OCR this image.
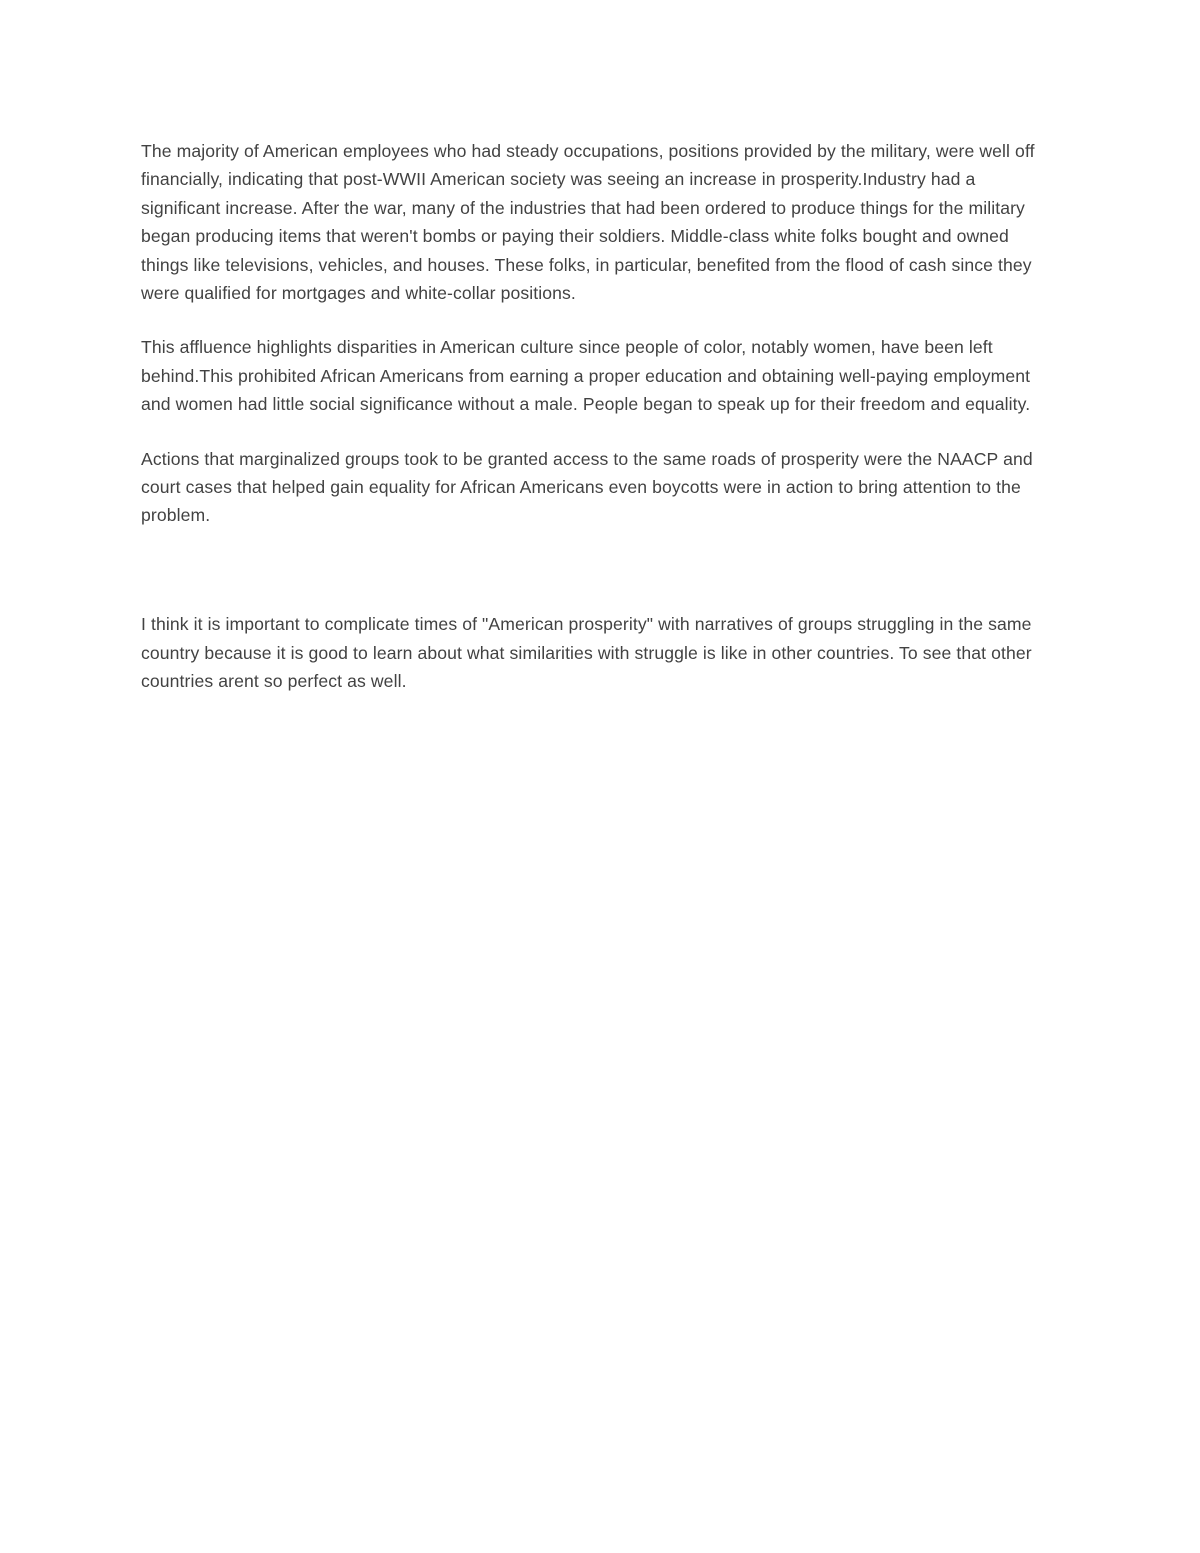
The majority of American employees who had steady occupations, positions provided by the military, were well off financially, indicating that post-WWII American society was seeing an increase in prosperity.Industry had a significant increase. After the war, many of the industries that had been ordered to produce things for the military began producing items that weren't bombs or paying their soldiers. Middle-class white folks bought and owned things like televisions, vehicles, and houses. These folks, in particular, benefited from the flood of cash since they were qualified for mortgages and white-collar positions.

This affluence highlights disparities in American culture since people of color, notably women, have been left behind.This prohibited African Americans from earning a proper education and obtaining well-paying employment and women had little social significance without a male. People began to speak up for their freedom and equality.

Actions that marginalized groups took to be granted access to the same roads of prosperity were the NAACP and court cases that helped gain equality for African Americans even boycotts were in action to bring attention to the problem.

I think it is important to complicate times of "American prosperity" with narratives of groups struggling in the same country because it is good to learn about what similarities with struggle is like in other countries. To see that other countries arent so perfect as well.
